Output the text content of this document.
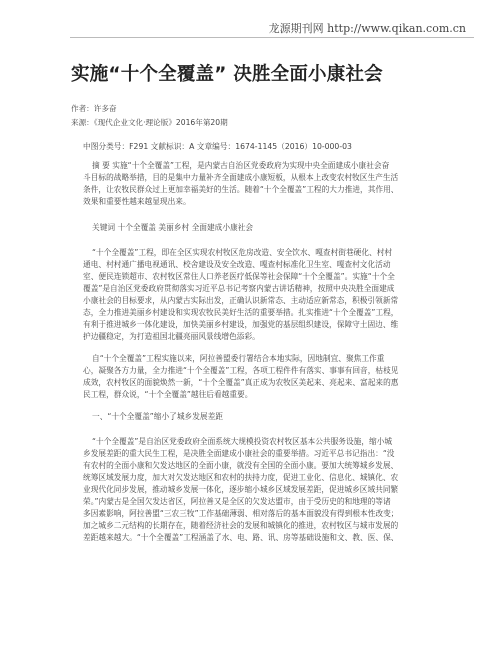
龙源期刊网 http://www.qikan.com.cn
实施“十个全覆盖” 决胜全面小康社会
作者：许多奋
来源：《现代企业文化·理论版》2016年第20期
中图分类号：F291 文献标识：A 文章编号：1674-1145（2016）10-000-03
摘 要 实施“十个全覆盖”工程，是内蒙古自治区党委政府为实现中央全面建成小康社会奋
斗目标的战略举措，目的是集中力量补齐全面建成小康短板，从根本上改变农村牧区生产生活
条件，让农牧民群众过上更加幸福美好的生活。随着“十个全覆盖”工程的大力推进，其作用、
效果和重要性越来越显现出来。
关键词 十个全覆盖 美丽乡村 全面建成小康社会
“十个全覆盖”工程，即在全区实现农村牧区危房改造、安全饮水、嘎查村街巷硬化、村村
通电、村村通广播电视通讯、校舍建设及安全改造、嘎查村标准化卫生室、嘎查村文化活动
室、便民连锁超市、农村牧区常住人口养老医疗低保等社会保障“十个全覆盖”。实施“十个全
覆盖”是自治区党委政府贯彻落实习近平总书记考察内蒙古讲话精神，按照中央决胜全面建成
小康社会的目标要求，从内蒙古实际出发，正确认识新常态、主动适应新常态，积极引领新常
态，全力推进美丽乡村建设和实现农牧民美好生活的重要举措。扎实推进“十个全覆盖”工程，
有利于推进城乡一体化建设，加快美丽乡村建设，加强党的基层组织建设，保障守土固边、维
护边疆稳定，为打造祖国北疆亮丽风景线增色添彩。
自“十个全覆盖”工程实施以来，阿拉善盟委行署结合本地实际，因地制宜、聚焦工作重
心，凝聚各方力量，全力推进“十个全覆盖”工程，各项工程件件有落实、事事有回音，枯枝见
成效，农村牧区的面貌焕然一新，“十个全覆盖”真正成为农牧区美起来、亮起来、富起来的惠
民工程，群众说，“十个全覆盖”越往后看越重要。
一、“十个全覆盖”缩小了城乡发展差距
“十个全覆盖”是自治区党委政府全面系统大规模投资农村牧区基本公共服务设施，缩小城
乡发展差距的重大民生工程，是决胜全面建成小康社会的重要举措。习近平总书记指出：“没
有农村的全面小康和欠发达地区的全面小康，就没有全国的全面小康。要加大统筹城乡发展、
统筹区域发展力度，加大对欠发达地区和农村的扶持力度，促进工业化、信息化、城镇化、农
业现代化同步发展，推动城乡发展一体化，逐步缩小城乡区域发展差距，促进城乡区域共同繁
荣。”内蒙古是全国欠发达省区，阿拉善又是全区的欠发达盟市，由于受历史的和地理的等诸
多因素影响，阿拉善盟“三农三牧”工作基础薄弱、相对落后的基本面貌没有得到根本性改变；
加之城乡二元结构的长期存在，随着经济社会的发展和城镇化的推进，农村牧区与城市发展的
差距越来越大。“十个全覆盖”工程涵盖了水、电、路、讯、房等基础设施和文、教、医、保、
